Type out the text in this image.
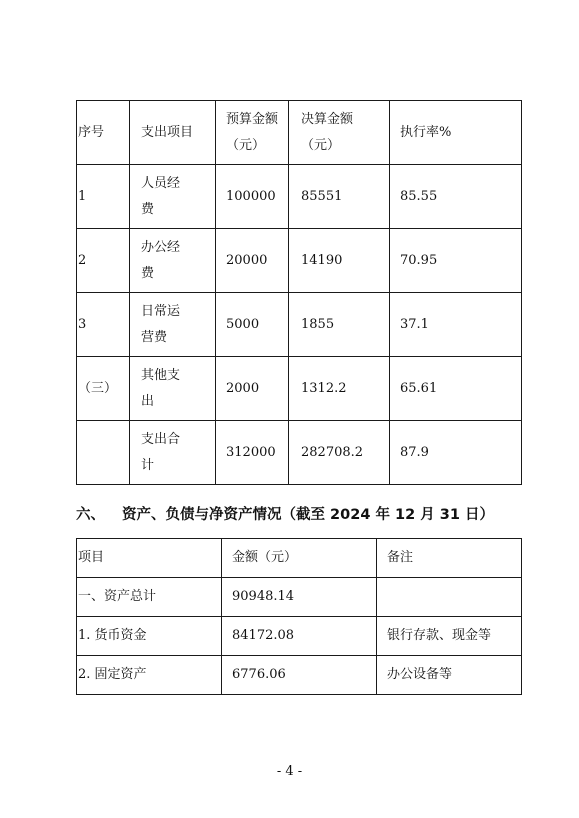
序号	支出项目	预算金额（元）	决算金额（元）	执行率%
1	人员经费	100000	85551	85.55
2	办公经费	20000	14190	70.95
3	日常运营费	5000	1855	37.1
（三）	其他支出	2000	1312.2	65.61

	支出合计	312000	282708.2	87.9
六、 资产、负债与净资产情况（截至 2024 年 12 月 31 日）
项目	金额（元）	备注
一、资产总计	90948.14	
1. 货币资金	84172.08	银行存款、现金等
2. 固定资产	6776.06	办公设备等
- 4 -
